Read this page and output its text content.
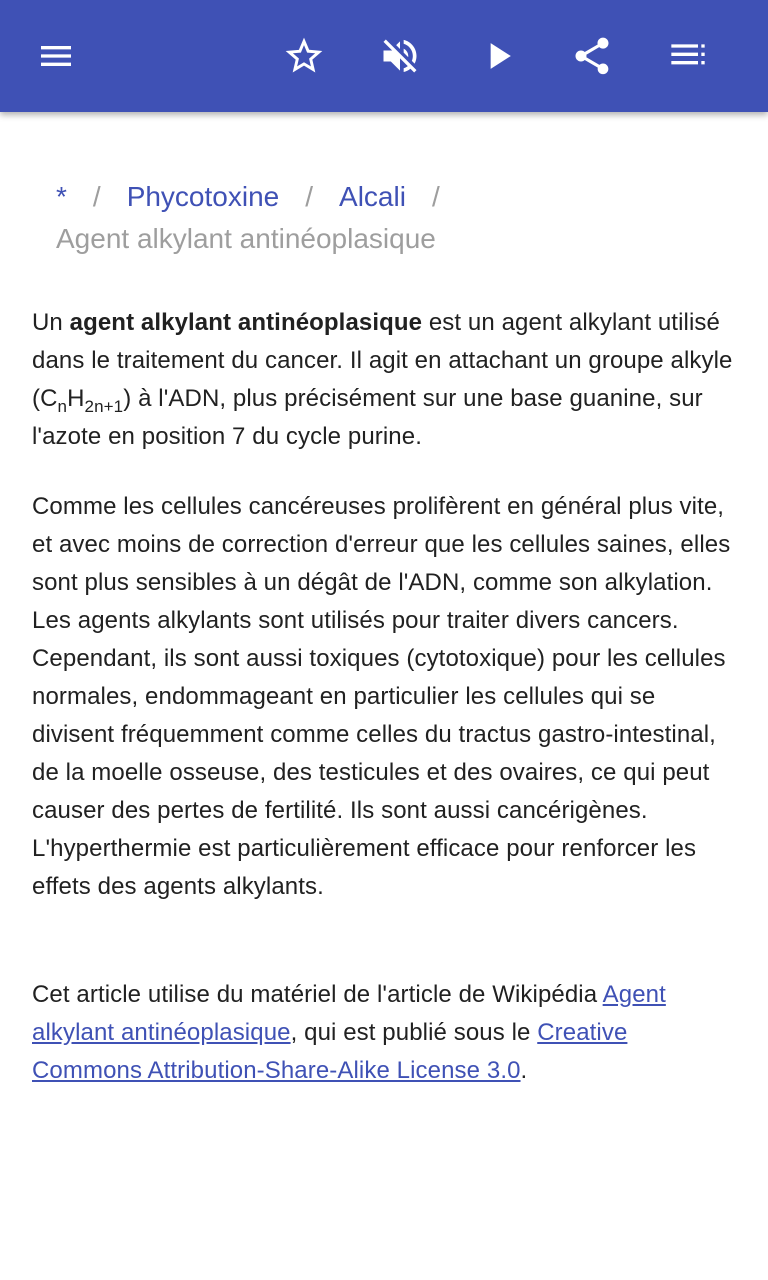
* / Phycotoxine / Alcali /
Agent alkylant antinéoplasique

Un agent alkylant antinéoplasique est un agent alkylant utilisé dans le traitement du cancer. Il agit en attachant un groupe alkyle $(C_nH_{2n+1})$ à l'ADN, plus précisément sur une base guanine, sur l'azote en position 7 du cycle purine.

Comme les cellules cancéreuses prolifèrent en général plus vite, et avec moins de correction d'erreur que les cellules saines, elles sont plus sensibles à un dégât de l'ADN, comme son alkylation. Les agents alkylants sont utilisés pour traiter divers cancers. Cependant, ils sont aussi toxiques (cytotoxique) pour les cellules normales, endommageant en particulier les cellules qui se divisent fréquemment comme celles du tractus gastro-intestinal, de la moelle osseuse, des testicules et des ovaires, ce qui peut causer des pertes de fertilité. Ils sont aussi cancérigènes. L'hyperthermie est particulièrement efficace pour renforcer les effets des agents alkylants.

Cet article utilise du matériel de l'article de Wikipédia Agent alkylant antinéoplasique, qui est publié sous le Creative Commons Attribution-Share-Alike License 3.0.
